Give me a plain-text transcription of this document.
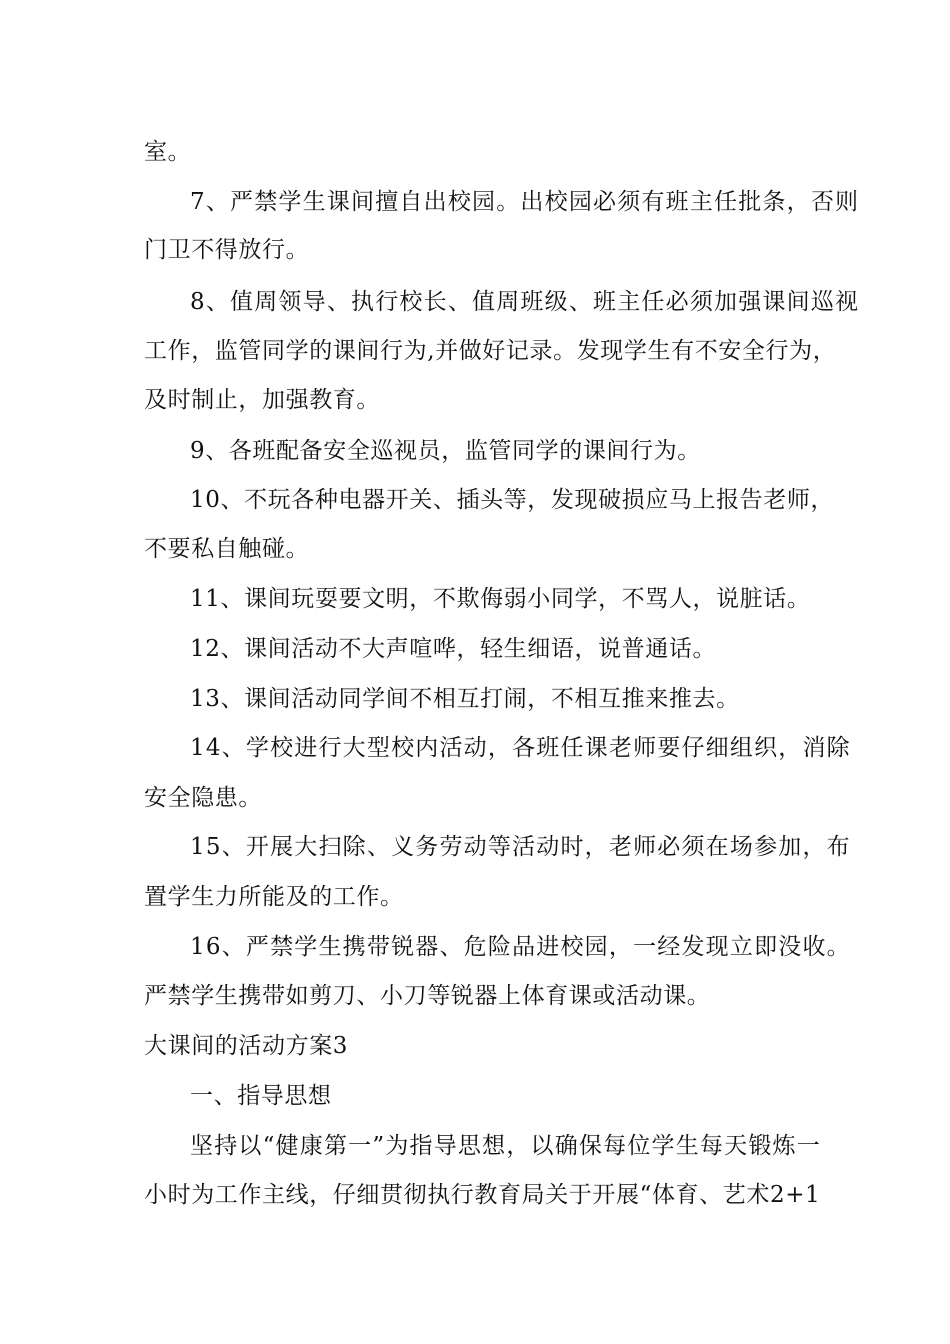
室。
7、严禁学生课间擅自出校园。出校园必须有班主任批条，否则
门卫不得放行。
8、值周领导、执行校长、值周班级、班主任必须加强课间巡视
工作，监管同学的课间行为,并做好记录。发现学生有不安全行为，
及时制止，加强教育。
9、各班配备安全巡视员，监管同学的课间行为。
10、不玩各种电器开关、插头等，发现破损应马上报告老师，
不要私自触碰。
11、课间玩耍要文明，不欺侮弱小同学，不骂人，说脏话。
12、课间活动不大声喧哗，轻生细语，说普通话。
13、课间活动同学间不相互打闹，不相互推来推去。
14、学校进行大型校内活动，各班任课老师要仔细组织，消除
安全隐患。
15、开展大扫除、义务劳动等活动时，老师必须在场参加，布
置学生力所能及的工作。
16、严禁学生携带锐器、危险品进校园，一经发现立即没收。
严禁学生携带如剪刀、小刀等锐器上体育课或活动课。
大课间的活动方案3
一、指导思想
坚持以“健康第一”为指导思想，以确保每位学生每天锻炼一
小时为工作主线，仔细贯彻执行教育局关于开展“体育、艺术2+1
